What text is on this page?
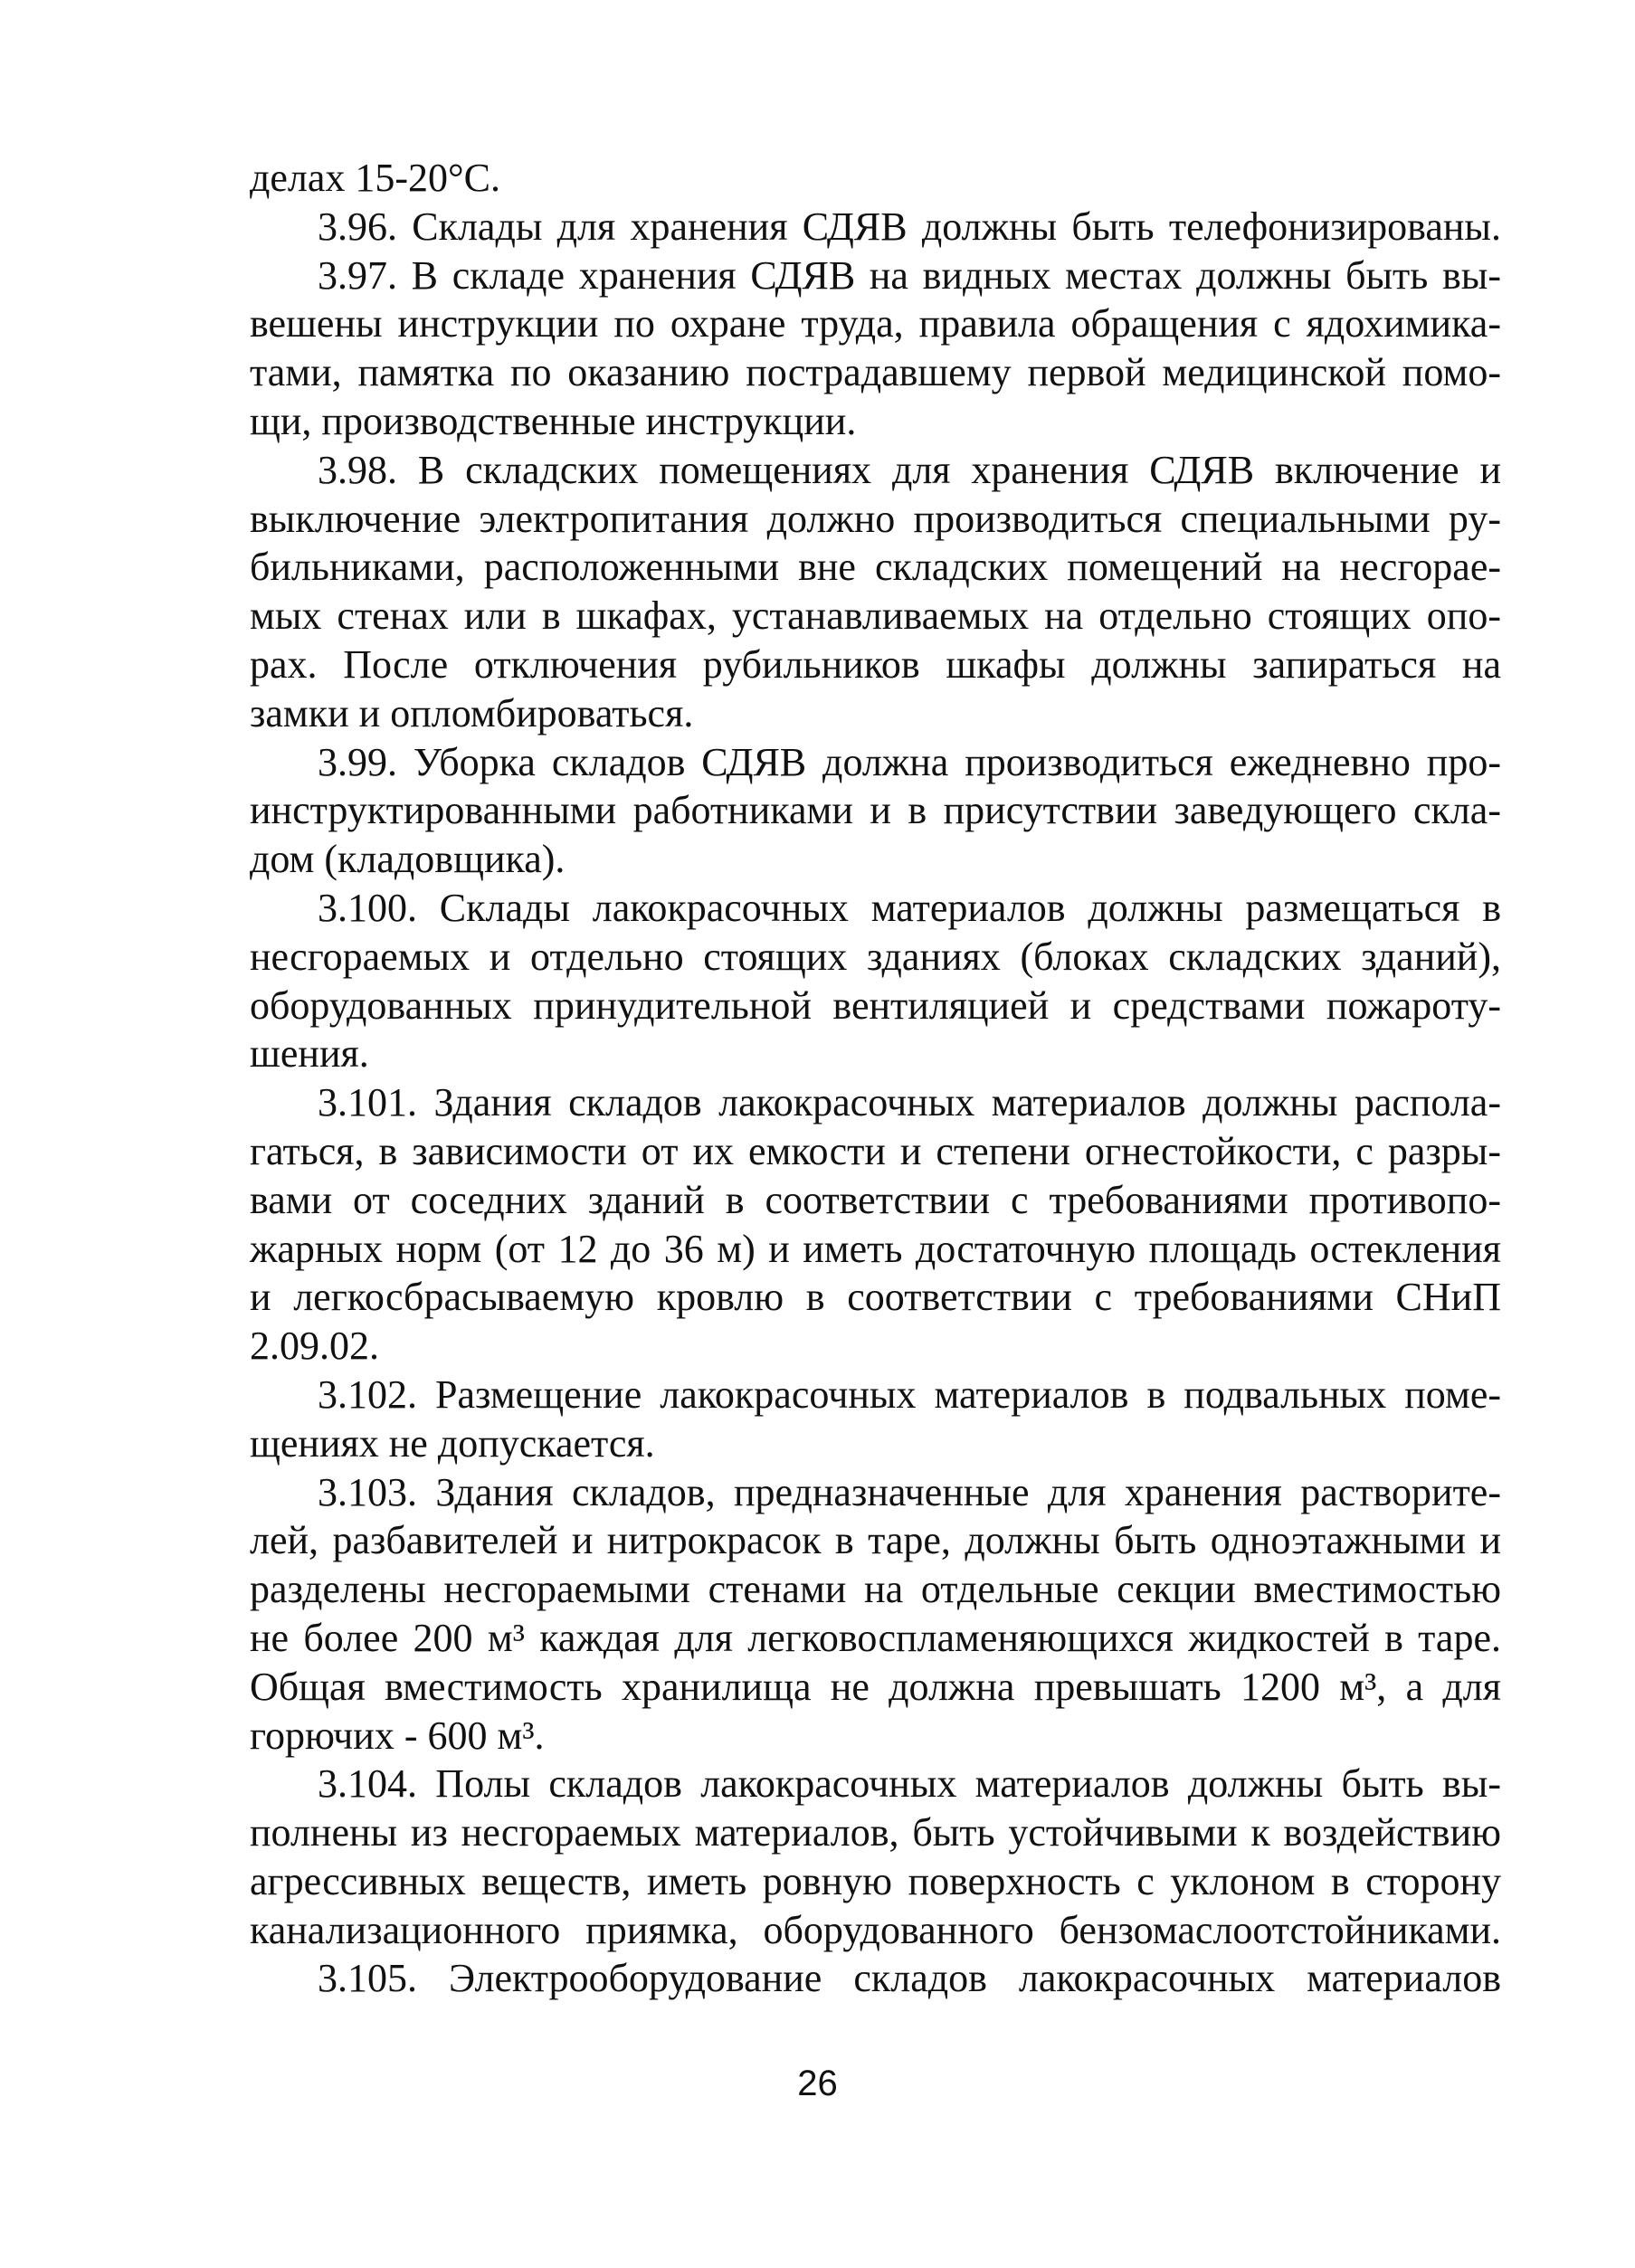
делах 15-20°С.
3.96. Склады для хранения СДЯВ должны быть телефонизированы.
3.97. В складе хранения СДЯВ на видных местах должны быть вы-
вешены инструкции по охране труда, правила обращения с ядохимика-
тами, памятка по оказанию пострадавшему первой медицинской помо-
щи, производственные инструкции.
3.98. В складских помещениях для хранения СДЯВ включение и
выключение электропитания должно производиться специальными ру-
бильниками, расположенными вне складских помещений на несгорае-
мых стенах или в шкафах, устанавливаемых на отдельно стоящих опо-
рах. После отключения рубильников шкафы должны запираться на
замки и опломбироваться.
3.99. Уборка складов СДЯВ должна производиться ежедневно про-
инструктированными работниками и в присутствии заведующего скла-
дом (кладовщика).
3.100. Склады лакокрасочных материалов должны размещаться в
несгораемых и отдельно стоящих зданиях (блоках складских зданий),
оборудованных принудительной вентиляцией и средствами пожароту-
шения.
3.101. Здания складов лакокрасочных материалов должны распола-
гаться, в зависимости от их емкости и степени огнестойкости, с разры-
вами от соседних зданий в соответствии с требованиями противопо-
жарных норм (от 12 до 36 м) и иметь достаточную площадь остекления
и легкосбрасываемую кровлю в соответствии с требованиями СНиП
2.09.02.
3.102. Размещение лакокрасочных материалов в подвальных поме-
щениях не допускается.
3.103. Здания складов, предназначенные для хранения растворите-
лей, разбавителей и нитрокрасок в таре, должны быть одноэтажными и
разделены несгораемыми стенами на отдельные секции вместимостью
не более 200 м³ каждая для легковоспламеняющихся жидкостей в таре.
Общая вместимость хранилища не должна превышать 1200 м³, а для
горючих - 600 м³.
3.104. Полы складов лакокрасочных материалов должны быть вы-
полнены из несгораемых материалов, быть устойчивыми к воздействию
агрессивных веществ, иметь ровную поверхность с уклоном в сторону
канализационного приямка, оборудованного бензомаслоотстойниками.
3.105. Электрооборудование складов лакокрасочных материалов
26
